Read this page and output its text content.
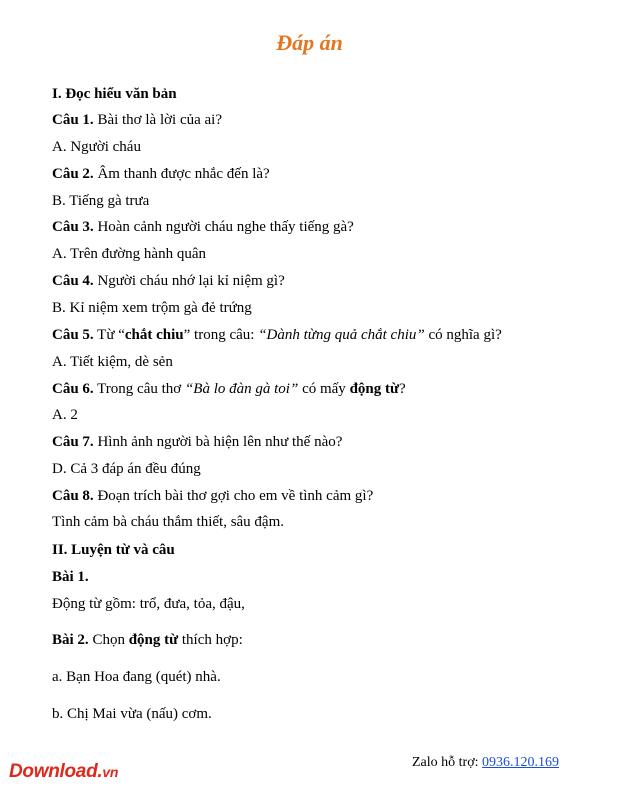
Đáp án
I. Đọc hiểu văn bản
Câu 1. Bài thơ là lời của ai?
A. Người cháu
Câu 2. Âm thanh được nhắc đến là?
B. Tiếng gà trưa
Câu 3. Hoàn cảnh người cháu nghe thấy tiếng gà?
A. Trên đường hành quân
Câu 4. Người cháu nhớ lại kỉ niệm gì?
B. Kỉ niệm xem trộm gà đẻ trứng
Câu 5. Từ “chắt chiu” trong câu: “Dành từng quả chắt chiu” có nghĩa gì?
A. Tiết kiệm, dè sẻn
Câu 6. Trong câu thơ “Bà lo đàn gà toi” có mấy động từ?
A. 2
Câu 7. Hình ảnh người bà hiện lên như thế nào?
D. Cả 3 đáp án đều đúng
Câu 8. Đoạn trích bài thơ gợi cho em về tình cảm gì?
Tình cảm bà cháu thắm thiết, sâu đậm.
II. Luyện từ và câu
Bài 1.
Động từ gồm: trổ, đưa, tỏa, đậu,
Bài 2. Chọn động từ thích hợp:
a. Bạn Hoa đang (quét) nhà.
b. Chị Mai vừa (nấu) cơm.
Zalo hỗ trợ: 0936.120.169
Download.vn
